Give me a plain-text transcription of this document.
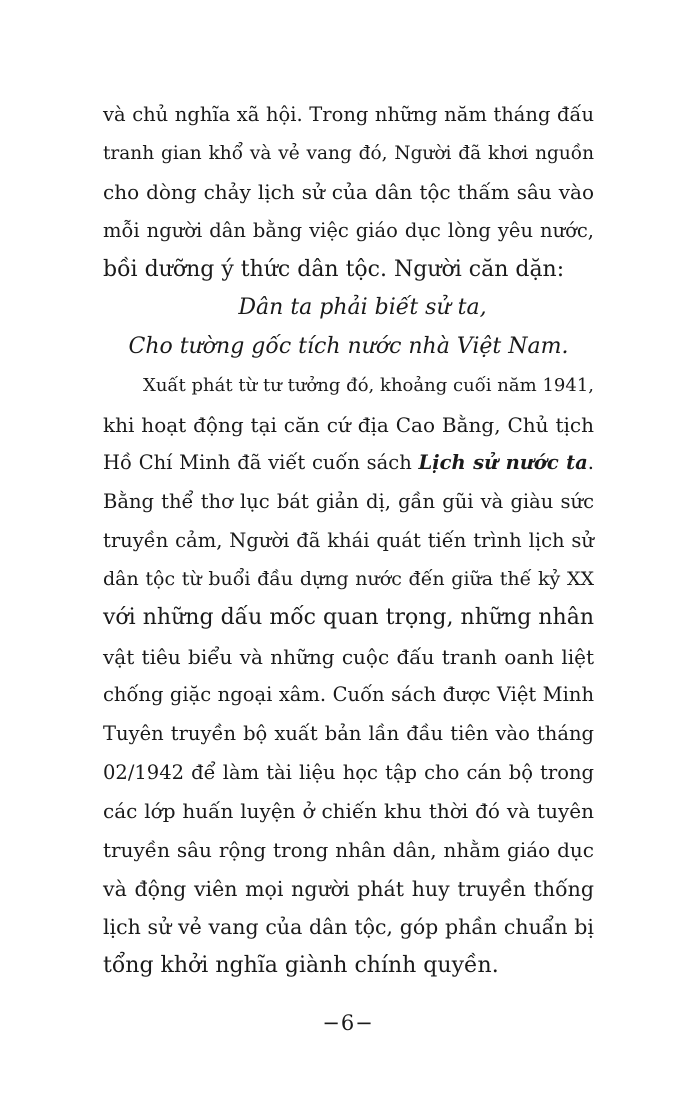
và chủ nghĩa xã hội. Trong những năm tháng đấu
tranh gian khổ và vẻ vang đó, Người đã khơi nguồn
cho dòng chảy lịch sử của dân tộc thấm sâu vào
mỗi người dân bằng việc giáo dục lòng yêu nước,
bồi dưỡng ý thức dân tộc. Người căn dặn:
Dân ta phải biết sử ta,
Cho tường gốc tích nước nhà Việt Nam.
Xuất phát từ tư tưởng đó, khoảng cuối năm 1941,
khi hoạt động tại căn cứ địa Cao Bằng, Chủ tịch
Hồ Chí Minh đã viết cuốn sách Lịch sử nước ta.
Bằng thể thơ lục bát giản dị, gần gũi và giàu sức
truyền cảm, Người đã khái quát tiến trình lịch sử
dân tộc từ buổi đầu dựng nước đến giữa thế kỷ XX
với những dấu mốc quan trọng, những nhân
vật tiêu biểu và những cuộc đấu tranh oanh liệt
chống giặc ngoại xâm. Cuốn sách được Việt Minh
Tuyên truyền bộ xuất bản lần đầu tiên vào tháng
02/1942 để làm tài liệu học tập cho cán bộ trong
các lớp huấn luyện ở chiến khu thời đó và tuyên
truyền sâu rộng trong nhân dân, nhằm giáo dục
và động viên mọi người phát huy truyền thống
lịch sử vẻ vang của dân tộc, góp phần chuẩn bị
tổng khởi nghĩa giành chính quyền.
−6−
